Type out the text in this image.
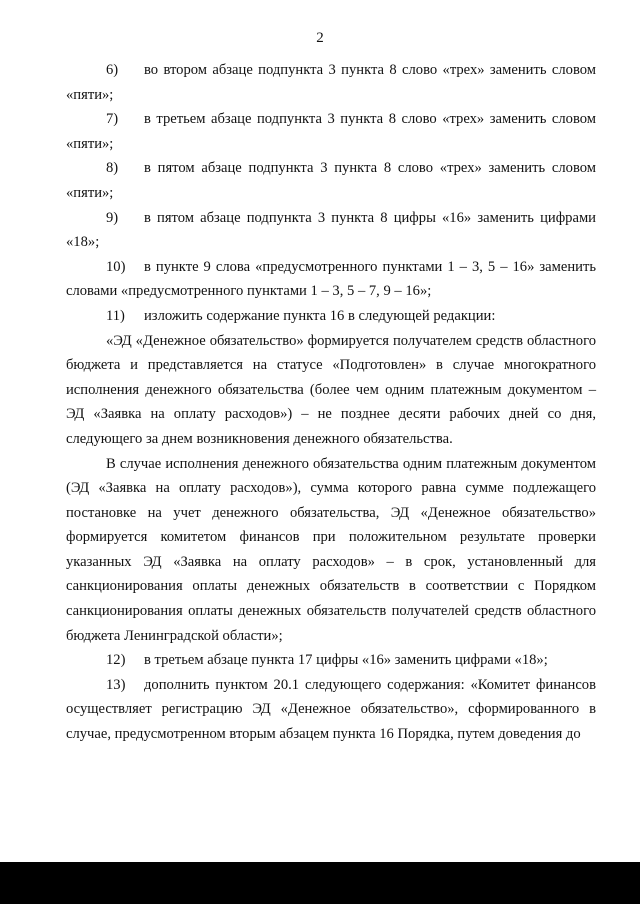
2

6) во втором абзаце подпункта 3 пункта 8 слово «трех» заменить словом «пяти»;

7) в третьем абзаце подпункта 3 пункта 8 слово «трех» заменить словом «пяти»;

8) в пятом абзаце подпункта 3 пункта 8 слово «трех» заменить словом «пяти»;

9) в пятом абзаце подпункта 3 пункта 8 цифры «16» заменить цифрами «18»;

10) в пункте 9 слова «предусмотренного пунктами 1 – 3, 5 – 16» заменить словами «предусмотренного пунктами 1 – 3, 5 – 7, 9 – 16»;

11) изложить содержание пункта 16 в следующей редакции:

«ЭД «Денежное обязательство» формируется получателем средств областного бюджета и представляется на статусе «Подготовлен» в случае многократного исполнения денежного обязательства (более чем одним платежным документом – ЭД «Заявка на оплату расходов») – не позднее десяти рабочих дней со дня, следующего за днем возникновения денежного обязательства.

В случае исполнения денежного обязательства одним платежным документом (ЭД «Заявка на оплату расходов»), сумма которого равна сумме подлежащего постановке на учет денежного обязательства, ЭД «Денежное обязательство» формируется комитетом финансов при положительном результате проверки указанных ЭД «Заявка на оплату расходов» – в срок, установленный для санкционирования оплаты денежных обязательств в соответствии с Порядком санкционирования оплаты денежных обязательств получателей средств областного бюджета Ленинградской области»;

12) в третьем абзаце пункта 17 цифры «16» заменить цифрами «18»;

13) дополнить пунктом 20.1 следующего содержания: «Комитет финансов осуществляет регистрацию ЭД «Денежное обязательство», сформированного в случае, предусмотренном вторым абзацем пункта 16 Порядка, путем доведения до
